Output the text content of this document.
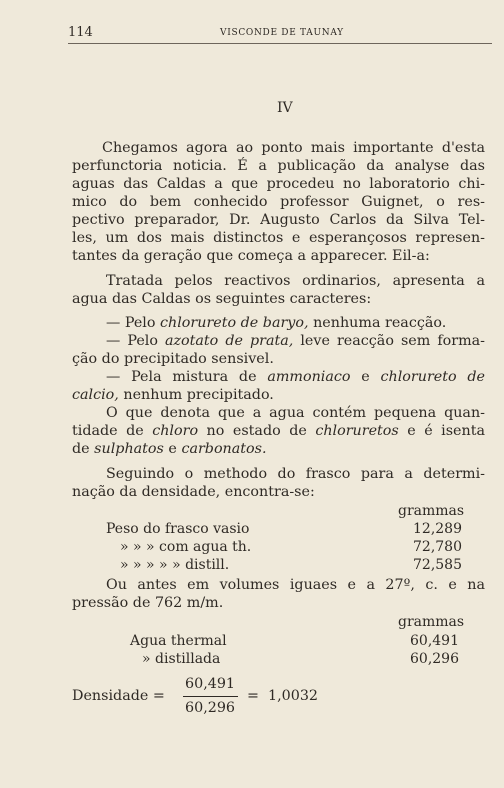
114	VISCONDE DE TAUNAY
IV
Chegamos agora ao ponto mais importante d'esta
perfunctoria noticia. É a publicação da analyse das
aguas das Caldas a que procedeu no laboratorio chi-
mico do bem conhecido professor Guignet, o res-
pectivo preparador, Dr. Augusto Carlos da Silva Tel-
les, um dos mais distinctos e esperançosos represen-
tantes da geração que começa a apparecer. Eil-a:
Tratada pelos reactivos ordinarios, apresenta a
agua das Caldas os seguintes caracteres:
— Pelo chlorureto de baryo, nenhuma reacção.
— Pelo azotato de prata, leve reacção sem forma-
ção do precipitado sensivel.
— Pela mistura de ammoniaco e chlorureto de
calcio, nenhum precipitado.
O que denota que a agua contém pequena quan-
tidade de chloro no estado de chloruretos e é isenta
de sulphatos e carbonatos.
Seguindo o methodo do frasco para a determi-
nação da densidade, encontra-se:
grammas
Peso do frasco vasio	12,289
» » » com agua th.	72,780
» » » » » distill.	72,585
Ou antes em volumes iguaes e a 27º, c. e na
pressão de 762 m/m.
grammas
Agua thermal	60,491
» distillada	60,296
60,491
60,296
Densidade =	= 1,0032
